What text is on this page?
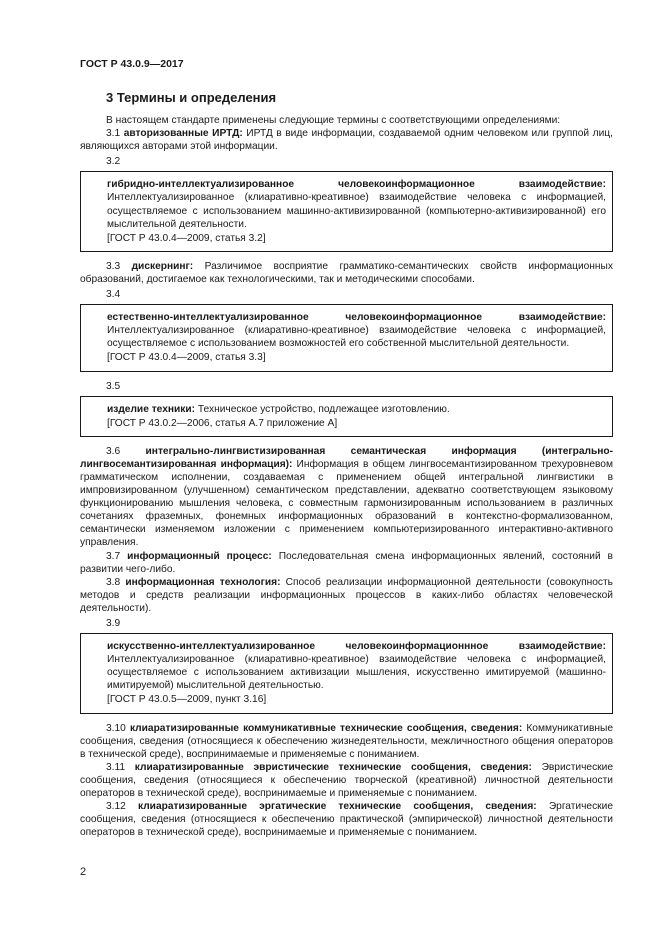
ГОСТ Р 43.0.9—2017
3 Термины и определения

В настоящем стандарте применены следующие термины с соответствующими определениями:

3.1 авторизованные ИРТД: ИРТД в виде информации, создаваемой одним человеком или группой лиц, являющихся авторами этой информации.

3.2
гибридно-интеллектуализированное человекоинформационное взаимодействие: Интеллектуализированное (клиаративно-креативное) взаимодействие человека с информацией, осуществляемое с использованием машинно-активизированной (компьютерно-активизированной) его мыслительной деятельности.
[ГОСТ Р 43.0.4—2009, статья 3.2]

3.3 дискернинг: Различимое восприятие грамматико-семантических свойств информационных образований, достигаемое как технологическими, так и методическими способами.

3.4
естественно-интеллектуализированное человекоинформационное взаимодействие: Интеллектуализированное (клиаративно-креативное) взаимодействие человека с информацией, осуществляемое с использованием возможностей его собственной мыслительной деятельности.
[ГОСТ Р 43.0.4—2009, статья 3.3]
3.5
изделие техники: Техническое устройство, подлежащее изготовлению.
[ГОСТ Р 43.0.2—2006, статья А.7 приложение А]

3.6 интегрально-лингвистизированная семантическая информация (интегрально-лингвосемантизированная информация): Информация в общем лингвосемантизированном трехуровневом грамматическом исполнении, создаваемая с применением общей интегральной лингвистики в импровизированном (улучшенном) семантическом представлении, адекватно соответствующем языковому функционированию мышления человека, с совместным гармонизированным использованием в различных сочетаниях фраземных, фонемных информационных образований в контекстно-формализованном, семантически изменяемом изложении с применением компьютеризированного интерактивно-активного управления.

3.7 информационный процесс: Последовательная смена информационных явлений, состояний в развитии чего-либо.

3.8 информационная технология: Способ реализации информационной деятельности (совокупность методов и средств реализации информационных процессов в каких-либо областях человеческой деятельности).

3.9
искусственно-интеллектуализированное человекоинформационнное взаимодействие: Интеллектуализированное (клиаративно-креативное) взаимодействие человека с информацией, осуществляемое с использованием активизации мышления, искусственно имитируемой (машинно-имитируемой) мыслительной деятельностью.
[ГОСТ Р 43.0.5—2009, пункт 3.16]

3.10 клиаратизированные коммуникативные технические сообщения, сведения: Коммуникативные сообщения, сведения (относящиеся к обеспечению жизнедеятельности, межличностного общения операторов в технической среде), воспринимаемые и применяемые с пониманием.

3.11 клиаратизированные эвристические технические сообщения, сведения: Эвристические сообщения, сведения (относящиеся к обеспечению творческой (креативной) личностной деятельности операторов в технической среде), воспринимаемые и применяемые с пониманием.

3.12 клиаратизированные эргатические технические сообщения, сведения: Эргатические сообщения, сведения (относящиеся к обеспечению практической (эмпирической) личностной деятельности операторов в технической среде), воспринимаемые и применяемые с пониманием.

2
